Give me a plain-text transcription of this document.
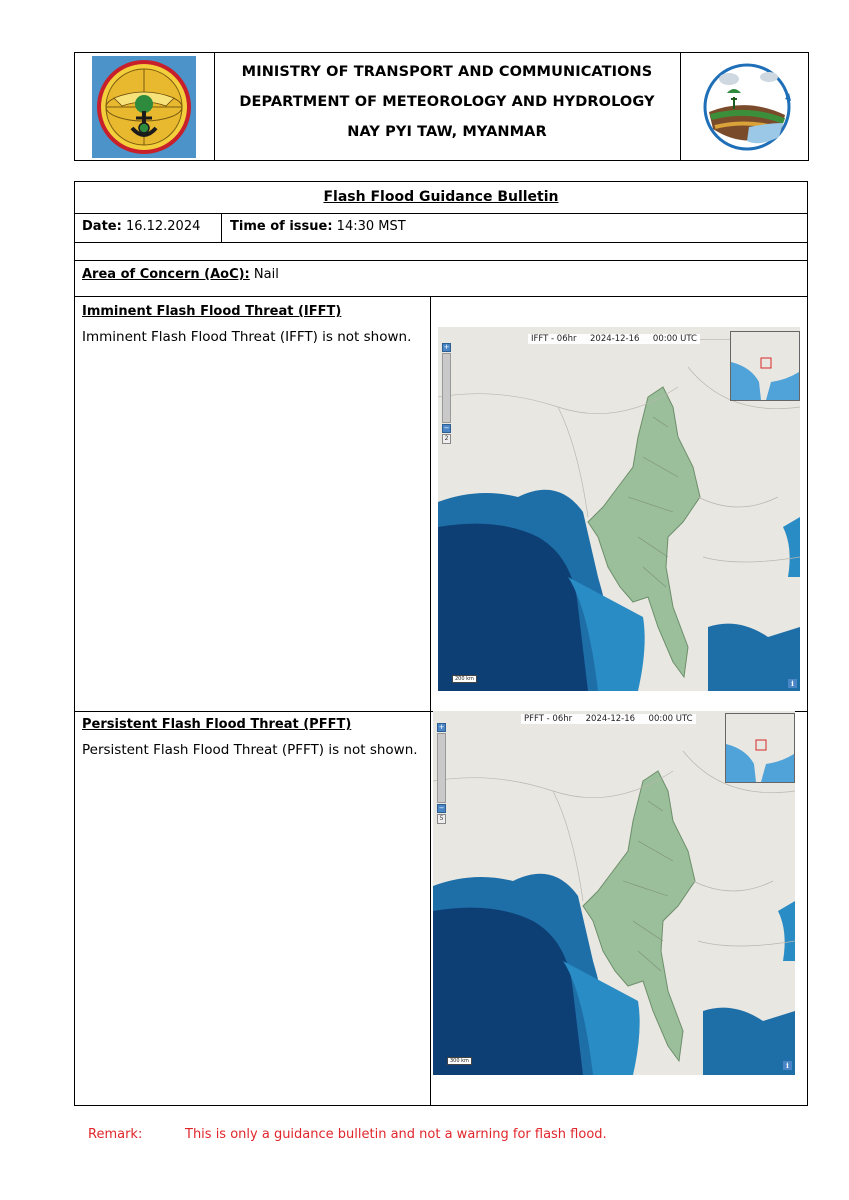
MINISTRY OF TRANSPORT AND COMMUNICATIONS
DEPARTMENT OF METEOROLOGY AND HYDROLOGY
NAY PYI TAW, MYANMAR
Flash Flood Guidance Bulletin
Date: 16.12.2024	Time of issue: 14:30 MST
Area of Concern (AoC): Nail
Imminent Flash Flood Threat (IFFT)
Imminent Flash Flood Threat (IFFT) is not shown.
Persistent Flash Flood Threat (PFFT)
Persistent Flash Flood Threat (PFFT) is not shown.
IFFT - 06hr     2024-12-16     00:00 UTC
+
−
2
200 km	i
PFFT - 06hr     2024-12-16     00:00 UTC
+
−
5
300 km	i
Remark:	This is only a guidance bulletin and not a warning for flash flood.
